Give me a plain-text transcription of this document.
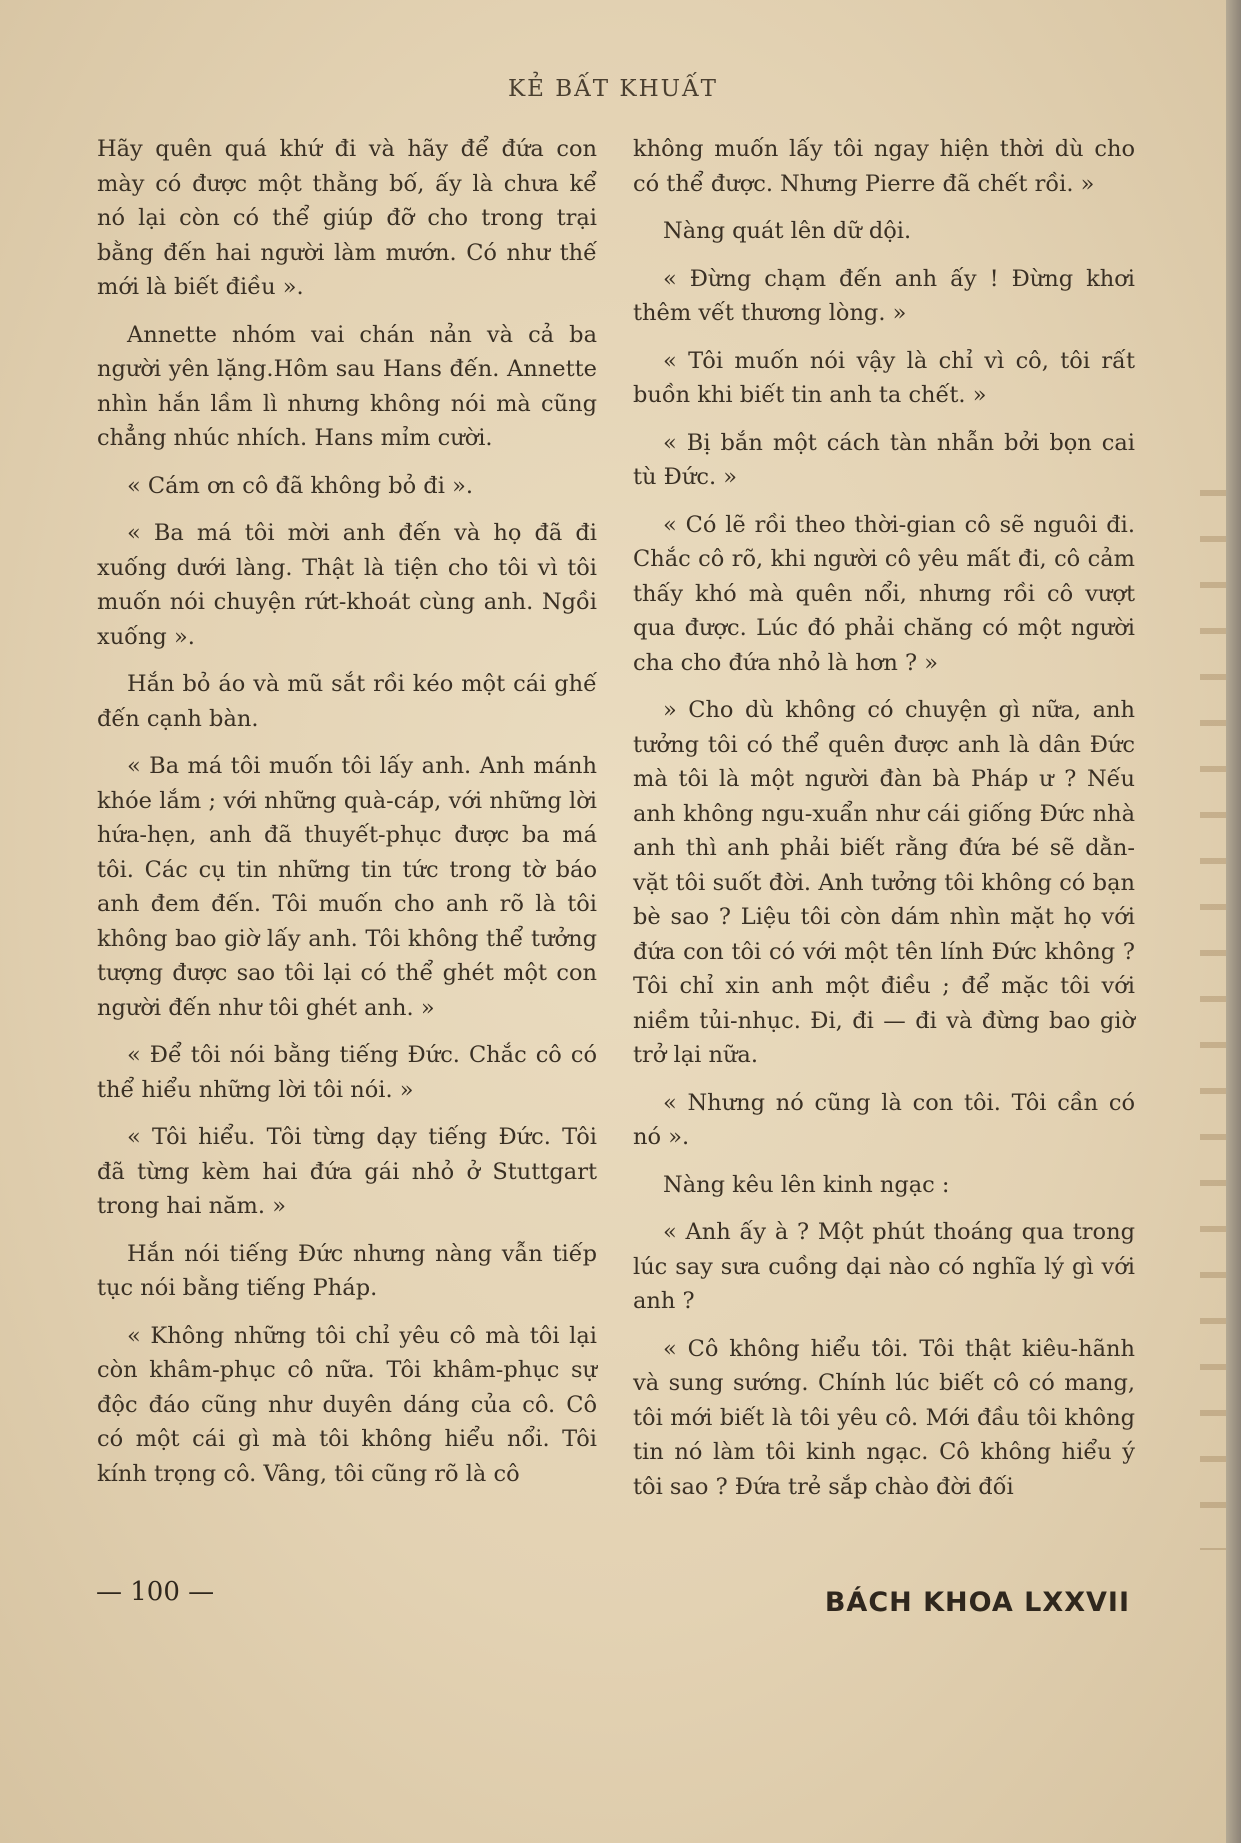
KẺ BẤT KHUẤT

Hãy quên quá khứ đi và hãy để đứa con mày có được một thằng bố, ấy là chưa kể nó lại còn có thể giúp đỡ cho trong trại bằng đến hai người làm mướn. Có như thế mới là biết điều ».

Annette nhóm vai chán nản và cả ba người yên lặng.Hôm sau Hans đến. Annette nhìn hắn lầm lì nhưng không nói mà cũng chẳng nhúc nhích. Hans mỉm cười.

« Cám ơn cô đã không bỏ đi ».

« Ba má tôi mời anh đến và họ đã đi xuống dưới làng. Thật là tiện cho tôi vì tôi muốn nói chuyện rứt-khoát cùng anh. Ngồi xuống ».

Hắn bỏ áo và mũ sắt rồi kéo một cái ghế đến cạnh bàn.

« Ba má tôi muốn tôi lấy anh. Anh mánh khóe lắm ; với những quà-cáp, với những lời hứa-hẹn, anh đã thuyết-phục được ba má tôi. Các cụ tin những tin tức trong tờ báo anh đem đến. Tôi muốn cho anh rõ là tôi không bao giờ lấy anh. Tôi không thể tưởng tượng được sao tôi lại có thể ghét một con người đến như tôi ghét anh. »

« Để tôi nói bằng tiếng Đức. Chắc cô có thể hiểu những lời tôi nói. »

« Tôi hiểu. Tôi từng dạy tiếng Đức. Tôi đã từng kèm hai đứa gái nhỏ ở Stuttgart trong hai năm. »

Hắn nói tiếng Đức nhưng nàng vẫn tiếp tục nói bằng tiếng Pháp.

« Không những tôi chỉ yêu cô mà tôi lại còn khâm-phục cô nữa. Tôi khâm-phục sự độc đáo cũng như duyên dáng của cô. Cô có một cái gì mà tôi không hiểu nổi. Tôi kính trọng cô. Vâng, tôi cũng rõ là cô

không muốn lấy tôi ngay hiện thời dù cho có thể được. Nhưng Pierre đã chết rồi. »

Nàng quát lên dữ dội.

« Đừng chạm đến anh ấy ! Đừng khơi thêm vết thương lòng. »

« Tôi muốn nói vậy là chỉ vì cô, tôi rất buồn khi biết tin anh ta chết. »

« Bị bắn một cách tàn nhẫn bởi bọn cai tù Đức. »

« Có lẽ rồi theo thời-gian cô sẽ nguôi đi. Chắc cô rõ, khi người cô yêu mất đi, cô cảm thấy khó mà quên nổi, nhưng rồi cô vượt qua được. Lúc đó phải chăng có một người cha cho đứa nhỏ là hơn ? »

» Cho dù không có chuyện gì nữa, anh tưởng tôi có thể quên được anh là dân Đức mà tôi là một người đàn bà Pháp ư ? Nếu anh không ngu-xuẩn như cái giống Đức nhà anh thì anh phải biết rằng đứa bé sẽ dằn-vặt tôi suốt đời. Anh tưởng tôi không có bạn bè sao ? Liệu tôi còn dám nhìn mặt họ với đứa con tôi có với một tên lính Đức không ? Tôi chỉ xin anh một điều ; để mặc tôi với niềm tủi-nhục. Đi, đi — đi và đừng bao giờ trở lại nữa.

« Nhưng nó cũng là con tôi. Tôi cần có nó ».

Nàng kêu lên kinh ngạc :

« Anh ấy à ? Một phút thoáng qua trong lúc say sưa cuồng dại nào có nghĩa lý gì với anh ?

« Cô không hiểu tôi. Tôi thật kiêu-hãnh và sung sướng. Chính lúc biết cô có mang, tôi mới biết là tôi yêu cô. Mới đầu tôi không tin nó làm tôi kinh ngạc. Cô không hiểu ý tôi sao ? Đứa trẻ sắp chào đời đối

— 100 —	BÁCH KHOA LXXVII
